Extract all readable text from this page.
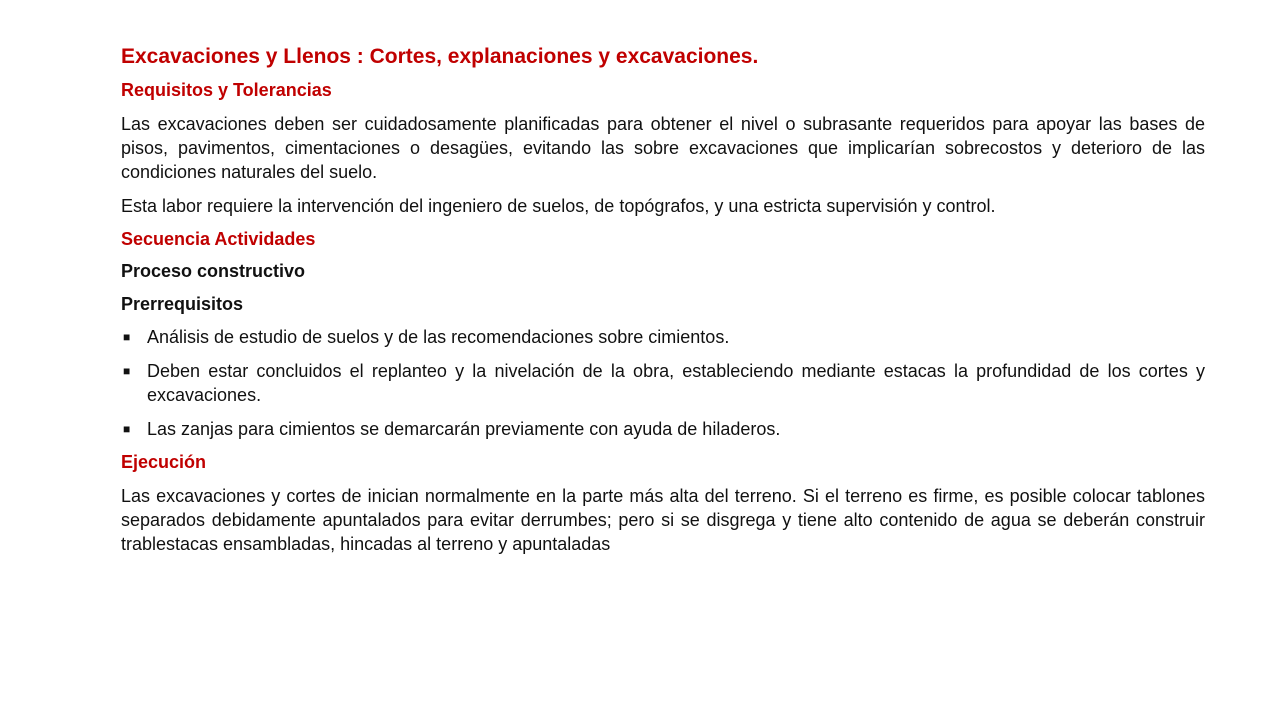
Excavaciones y Llenos : Cortes, explanaciones y excavaciones.
Requisitos y Tolerancias

Las excavaciones deben ser cuidadosamente planificadas para obtener el nivel o subrasante requeridos para apoyar las bases de pisos, pavimentos, cimentaciones o desagües, evitando las sobre excavaciones que implicarían sobrecostos y deterioro de las condiciones naturales del suelo.

Esta labor requiere la intervención del ingeniero de suelos, de topógrafos, y una estricta supervisión y control.

Secuencia Actividades
Proceso constructivo
Prerrequisitos
■ Análisis de estudio de suelos y de las recomendaciones sobre cimientos.
■ Deben estar concluidos el replanteo y la nivelación de la obra, estableciendo mediante estacas la profundidad de los cortes y excavaciones.
■ Las zanjas para cimientos se demarcarán previamente con ayuda de hiladeros.
Ejecución

Las excavaciones y cortes de inician normalmente en la parte más alta del terreno. Si el terreno es firme, es posible colocar tablones separados debidamente apuntalados para evitar derrumbes; pero si se disgrega y tiene alto contenido de agua se deberán construir trablestacas ensambladas, hincadas al terreno y apuntaladas
